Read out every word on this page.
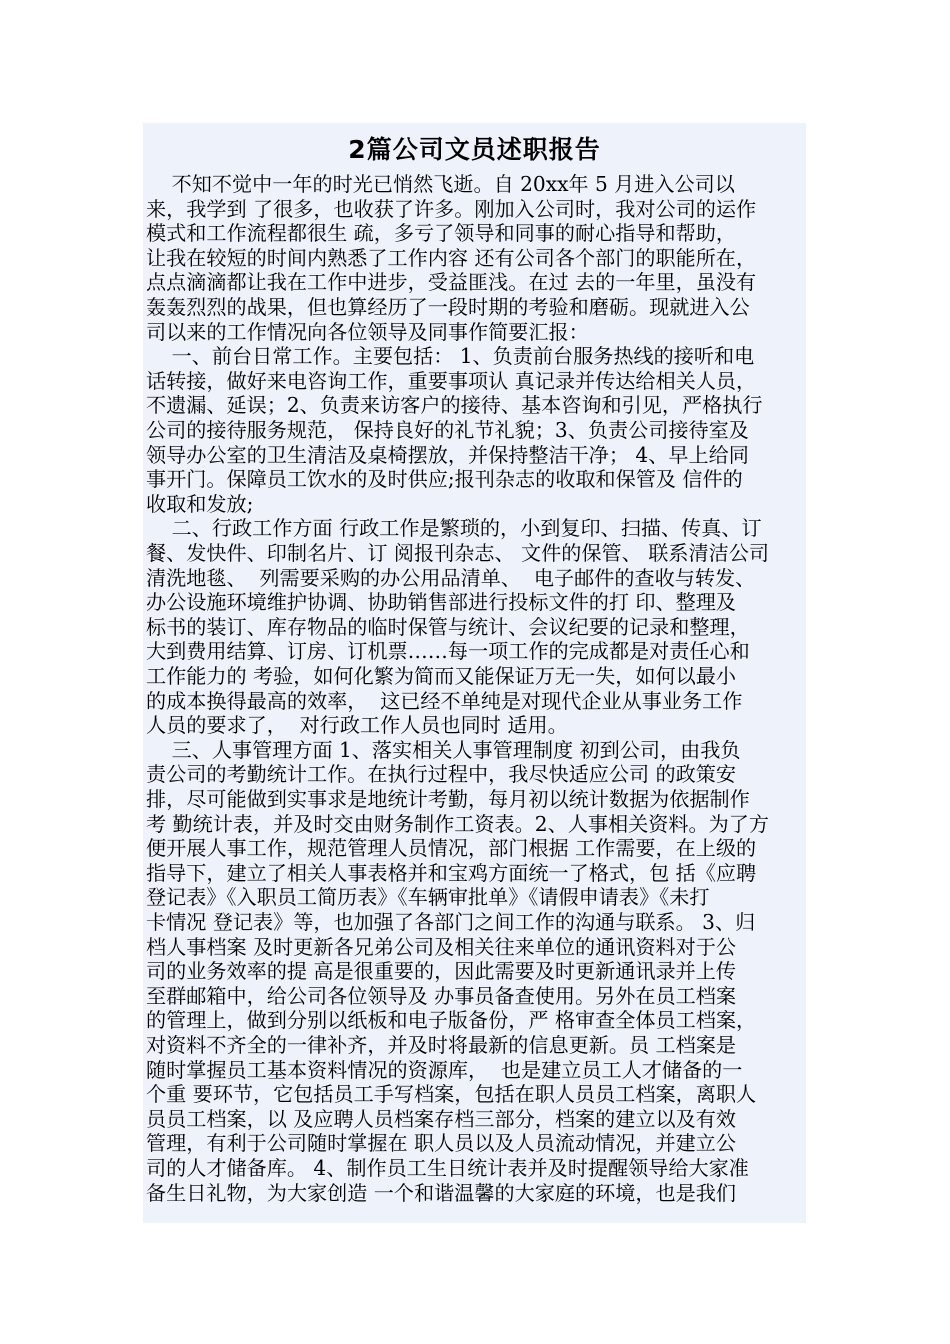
2篇公司文员述职报告
不知不觉中一年的时光已悄然飞逝。自 20xx年 5 月进入公司以
来，我学到 了很多，也收获了许多。刚加入公司时，我对公司的运作
模式和工作流程都很生 疏，多亏了领导和同事的耐心指导和帮助，
让我在较短的时间内熟悉了工作内容 还有公司各个部门的职能所在，
点点滴滴都让我在工作中进步，受益匪浅。在过 去的一年里，虽没有
轰轰烈烈的战果，但也算经历了一段时期的考验和磨砺。现就进入公
司以来的工作情况向各位领导及同事作简要汇报：
一、前台日常工作。主要包括： 1、负责前台服务热线的接听和电
话转接，做好来电咨询工作，重要事项认 真记录并传达给相关人员，
不遗漏、延误；2、负责来访客户的接待、基本咨询和引见，严格执行
公司的接待服务规范， 保持良好的礼节礼貌；3、负责公司接待室及
领导办公室的卫生清洁及桌椅摆放，并保持整洁干净； 4、早上给同
事开门。保障员工饮水的及时供应;报刊杂志的收取和保管及 信件的
收取和发放;
二、行政工作方面 行政工作是繁琐的，小到复印、扫描、传真、订
餐、发快件、印制名片、订 阅报刊杂志、 文件的保管、 联系清洁公司
清洗地毯、  列需要采购的办公用品清单、  电子邮件的查收与转发、
办公设施环境维护协调、协助销售部进行投标文件的打 印、整理及
标书的装订、库存物品的临时保管与统计、会议纪要的记录和整理，
大到费用结算、订房、订机票……每一项工作的完成都是对责任心和
工作能力的 考验，如何化繁为简而又能保证万无一失，如何以最小
的成本换得最高的效率，  这已经不单纯是对现代企业从事业务工作
人员的要求了，  对行政工作人员也同时 适用。
三、人事管理方面 1、落实相关人事管理制度 初到公司，由我负
责公司的考勤统计工作。在执行过程中，我尽快适应公司 的政策安
排，尽可能做到实事求是地统计考勤，每月初以统计数据为依据制作
考 勤统计表，并及时交由财务制作工资表。2、人事相关资料。为了方
便开展人事工作，规范管理人员情况，部门根据 工作需要，在上级的
指导下，建立了相关人事表格并和宝鸡方面统一了格式，包 括《应聘
登记表》《入职员工简历表》《车辆审批单》《请假申请表》《未打
卡情况 登记表》等，也加强了各部门之间工作的沟通与联系。 3、归
档人事档案 及时更新各兄弟公司及相关往来单位的通讯资料对于公
司的业务效率的提 高是很重要的，因此需要及时更新通讯录并上传
至群邮箱中，给公司各位领导及 办事员备查使用。另外在员工档案
的管理上，做到分别以纸板和电子版备份，严 格审查全体员工档案，
对资料不齐全的一律补齐，并及时将最新的信息更新。员 工档案是
随时掌握员工基本资料情况的资源库，  也是建立员工人才储备的一
个重 要环节，它包括员工手写档案，包括在职人员员工档案，离职人
员员工档案，以 及应聘人员档案存档三部分，档案的建立以及有效
管理，有利于公司随时掌握在 职人员以及人员流动情况，并建立公
司的人才储备库。 4、制作员工生日统计表并及时提醒领导给大家准
备生日礼物，为大家创造 一个和谐温馨的大家庭的环境，也是我们
